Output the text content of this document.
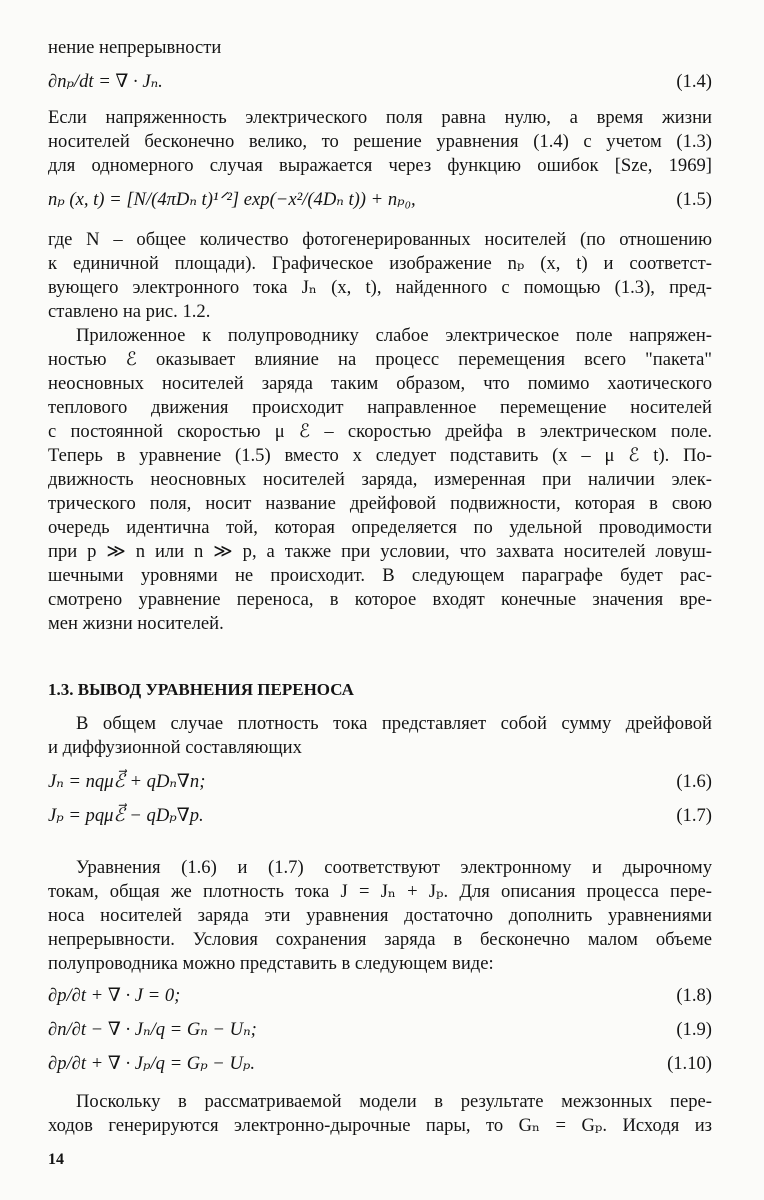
нение непрерывности
∂nₚ/dt = ∇ · Jₙ.	(1.4)
Если напряженность электрического поля равна нулю, а время жизни
носителей бесконечно велико, то решение уравнения (1.4) с учетом (1.3)
для одномерного случая выражается через функцию ошибок [Sze, 1969]
nₚ (x, t) = [N/(4πDₙ t)¹ᐟ²] exp(−x²/(4Dₙ t)) + nₚ₀,	(1.5)
где N – общее количество фотогенерированных носителей (по отношению
к единичной площади). Графическое изображение nₚ (x, t) и соответст-
вующего электронного тока Jₙ (x, t), найденного с помощью (1.3), пред-
ставлено на рис. 1.2.
Приложенное к полупроводнику слабое электрическое поле напряжен-
ностью ℰ оказывает влияние на процесс перемещения всего "пакета"
неосновных носителей заряда таким образом, что помимо хаотического
теплового движения происходит направленное перемещение носителей
с постоянной скоростью μ ℰ – скоростью дрейфа в электрическом поле.
Теперь в уравнение (1.5) вместо x следует подставить (x – μ ℰ t). По-
движность неосновных носителей заряда, измеренная при наличии элек-
трического поля, носит название дрейфовой подвижности, которая в свою
очередь идентична той, которая определяется по удельной проводимости
при p ≫ n или n ≫ p, а также при условии, что захвата носителей ловуш-
шечными уровнями не происходит. В следующем параграфе будет рас-
смотрено уравнение переноса, в которое входят конечные значения вре-
мен жизни носителей.
1.3. ВЫВОД УРАВНЕНИЯ ПЕРЕНОСА
В общем случае плотность тока представляет собой сумму дрейфовой
и диффузионной составляющих
Jₙ = nqμℰ⃗ + qDₙ∇n;	(1.6)
Jₚ = pqμℰ⃗ − qDₚ∇p.	(1.7)
Уравнения (1.6) и (1.7) соответствуют электронному и дырочному
токам, общая же плотность тока J = Jₙ + Jₚ. Для описания процесса пере-
носа носителей заряда эти уравнения достаточно дополнить уравнениями
непрерывности. Условия сохранения заряда в бесконечно малом объеме
полупроводника можно представить в следующем виде:
∂p/∂t + ∇ · J = 0;	(1.8)
∂n/∂t − ∇ · Jₙ/q = Gₙ − Uₙ;	(1.9)
∂p/∂t + ∇ · Jₚ/q = Gₚ − Uₚ.	(1.10)
Поскольку в рассматриваемой модели в результате межзонных пере-
ходов генерируются электронно-дырочные пары, то Gₙ = Gₚ. Исходя из
14
